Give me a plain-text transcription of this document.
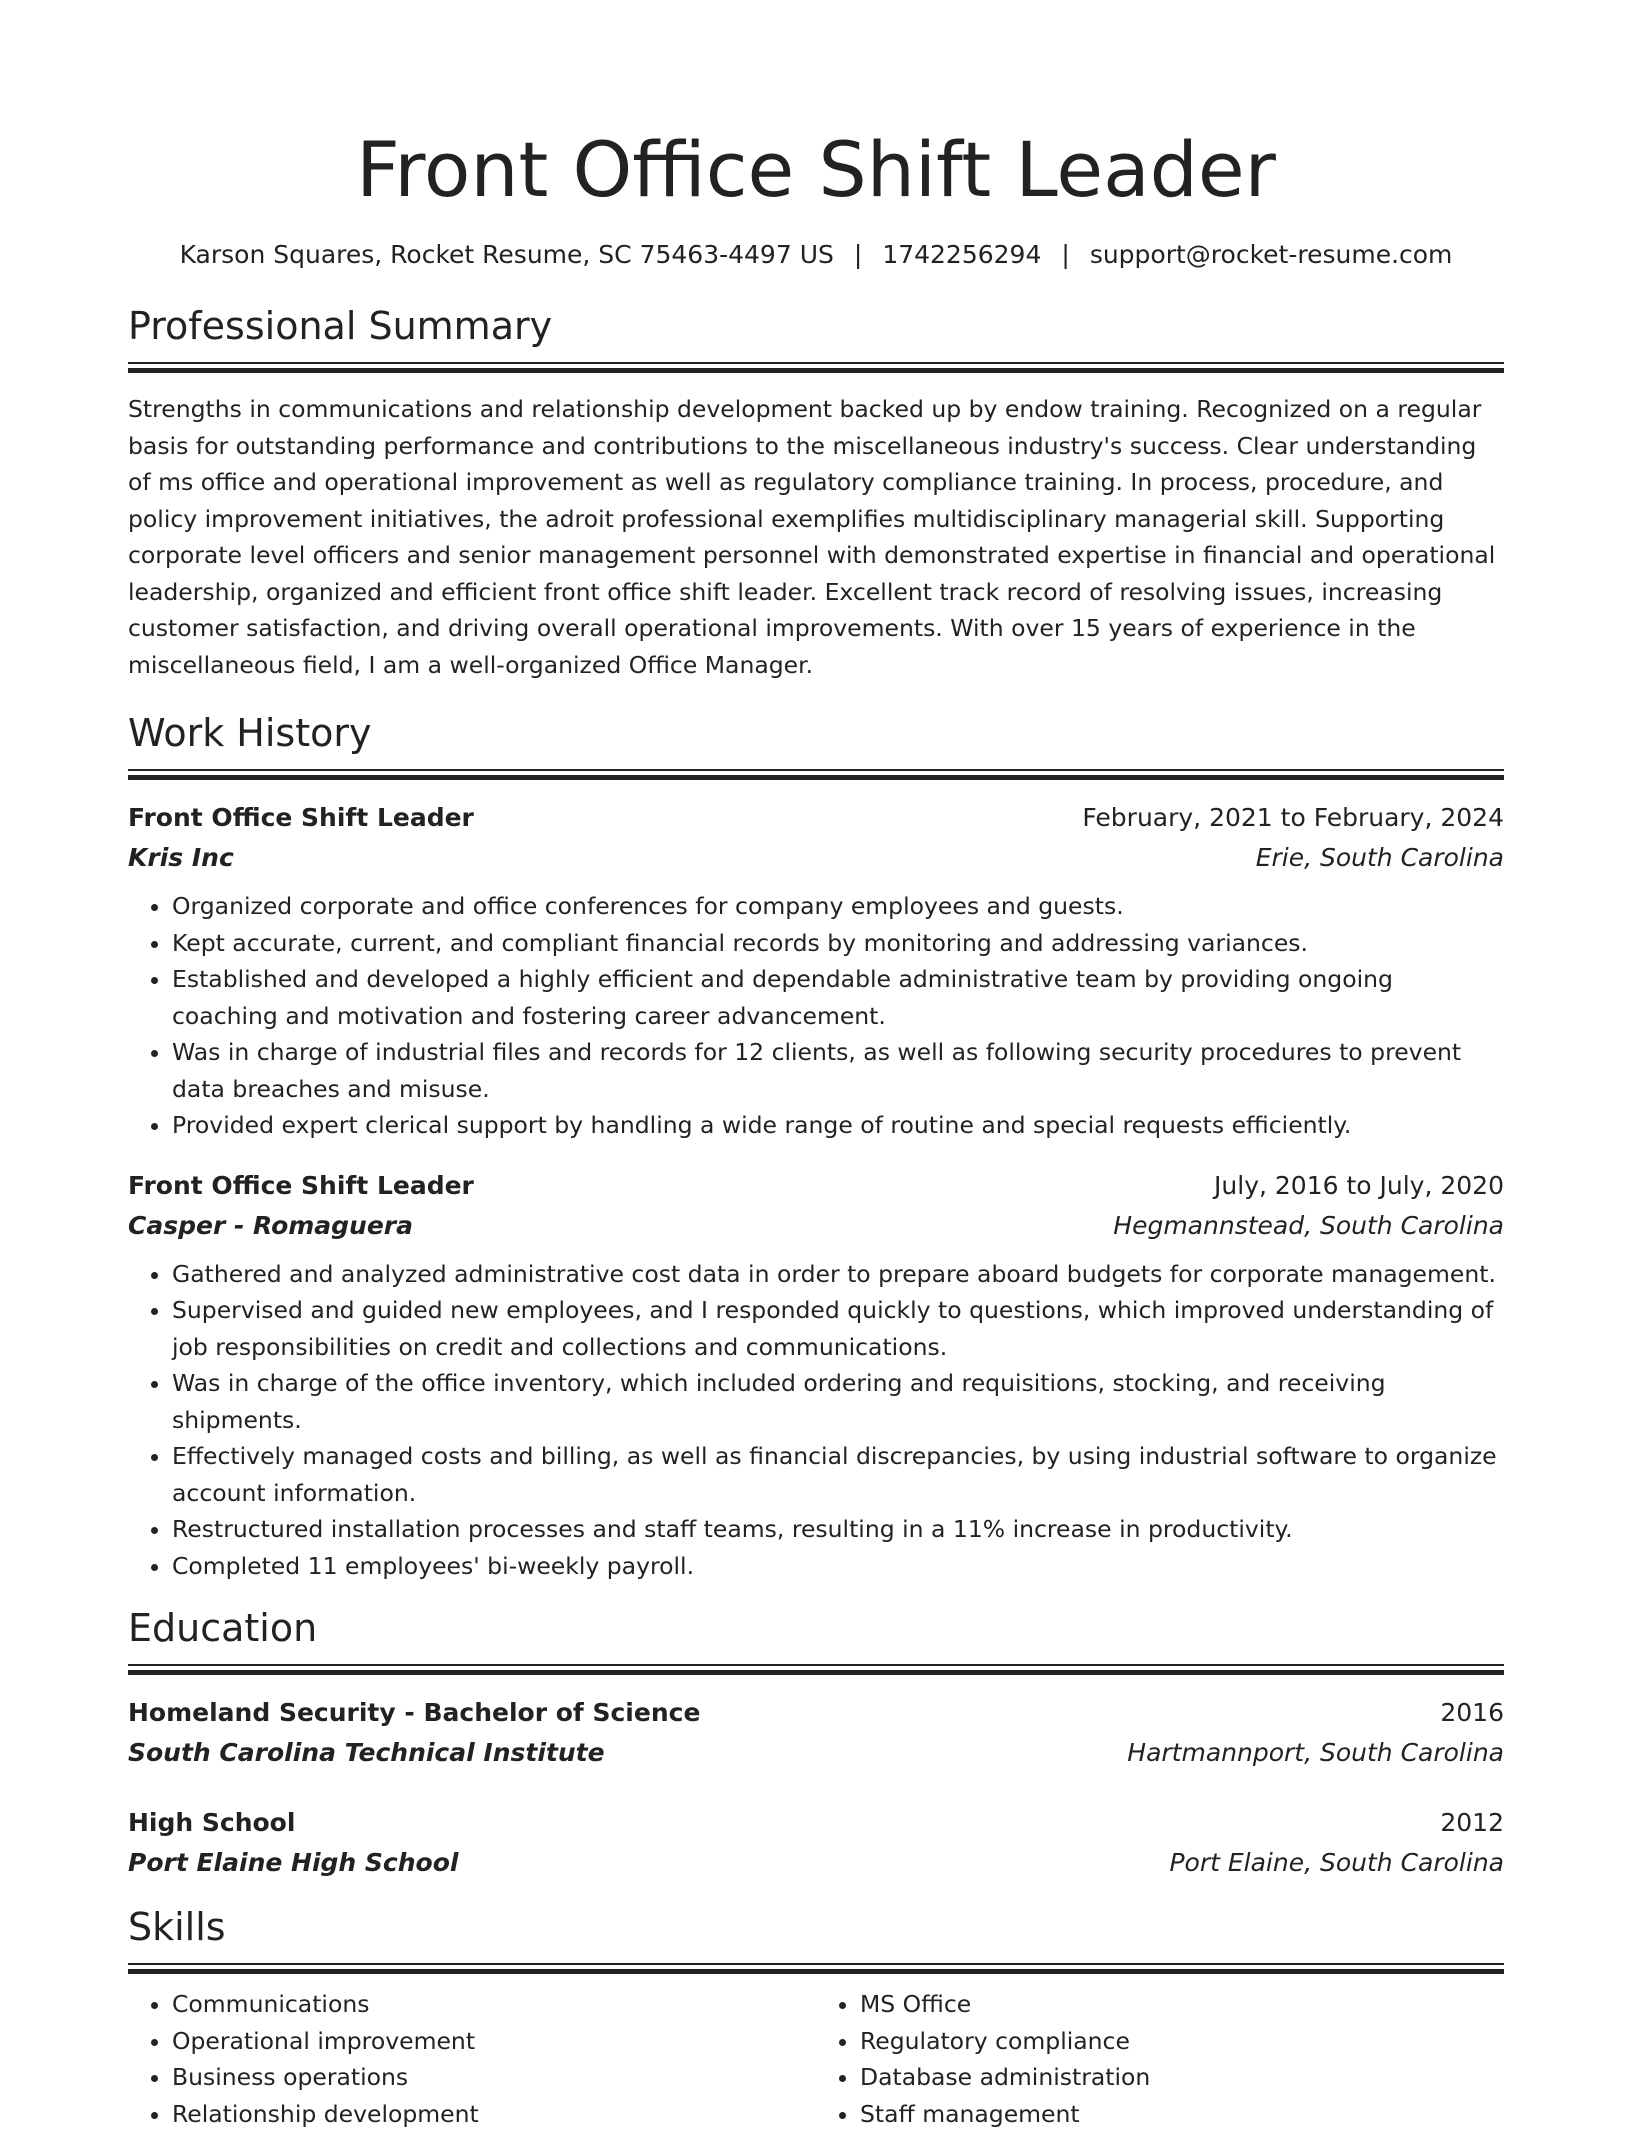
Front Office Shift Leader
Karson Squares, Rocket Resume, SC 75463-4497 US | 1742256294 | support@rocket-resume.com
Professional Summary

Strengths in communications and relationship development backed up by endow training. Recognized on a regular basis for outstanding performance and contributions to the miscellaneous industry's success. Clear understanding of ms office and operational improvement as well as regulatory compliance training. In process, procedure, and policy improvement initiatives, the adroit professional exemplifies multidisciplinary managerial skill. Supporting corporate level officers and senior management personnel with demonstrated expertise in financial and operational leadership, organized and efficient front office shift leader. Excellent track record of resolving issues, increasing customer satisfaction, and driving overall operational improvements. With over 15 years of experience in the miscellaneous field, I am a well-organized Office Manager.

Work History
Front Office Shift Leader	February, 2021 to February, 2024
Kris Inc	Erie, South Carolina
• Organized corporate and office conferences for company employees and guests.
• Kept accurate, current, and compliant financial records by monitoring and addressing variances.
• Established and developed a highly efficient and dependable administrative team by providing ongoing coaching and motivation and fostering career advancement.
• Was in charge of industrial files and records for 12 clients, as well as following security procedures to prevent data breaches and misuse.
• Provided expert clerical support by handling a wide range of routine and special requests efficiently.
Front Office Shift Leader	July, 2016 to July, 2020
Casper - Romaguera	Hegmannstead, South Carolina
• Gathered and analyzed administrative cost data in order to prepare aboard budgets for corporate management.
• Supervised and guided new employees, and I responded quickly to questions, which improved understanding of job responsibilities on credit and collections and communications.
• Was in charge of the office inventory, which included ordering and requisitions, stocking, and receiving shipments.
• Effectively managed costs and billing, as well as financial discrepancies, by using industrial software to organize account information.
• Restructured installation processes and staff teams, resulting in a 11% increase in productivity.
• Completed 11 employees' bi-weekly payroll.
Education
Homeland Security - Bachelor of Science	2016
South Carolina Technical Institute	Hartmannport, South Carolina
High School	2012
Port Elaine High School	Port Elaine, South Carolina
Skills
• Communications
• Operational improvement
• Business operations
• Relationship development
• MS Office
• Regulatory compliance
• Database administration
• Staff management
